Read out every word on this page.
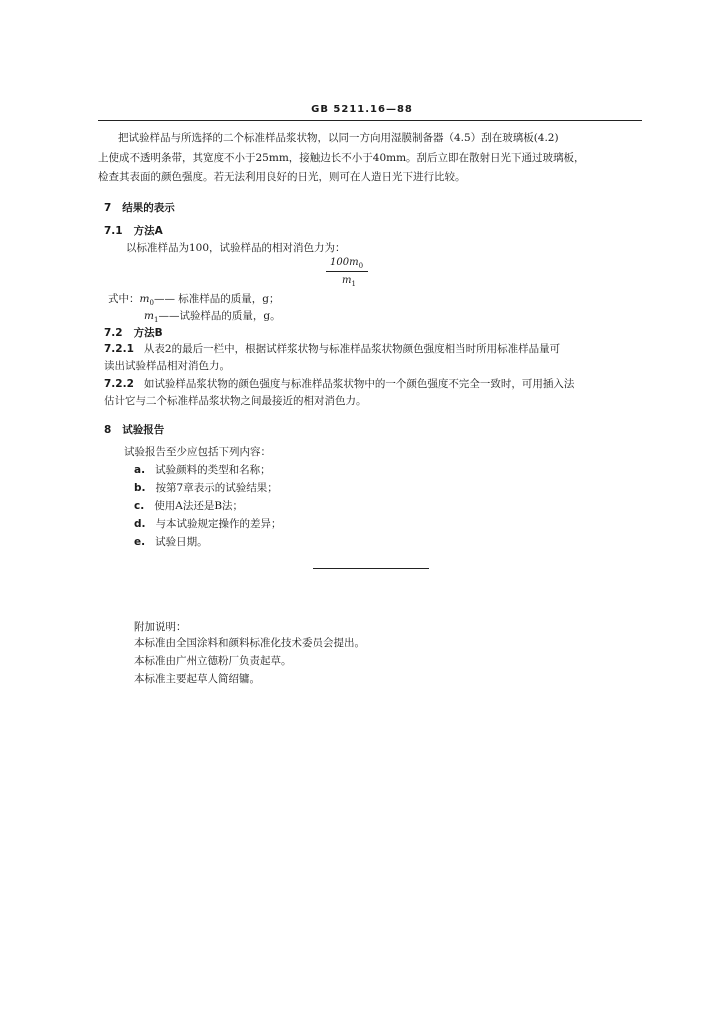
GB 5211.16—88
把试验样品与所选择的二个标准样品浆状物，以同一方向用湿膜制备器（4.5）刮在玻璃板(4.2)
上使成不透明条带，其宽度不小于25mm，接触边长不小于40mm。刮后立即在散射日光下通过玻璃板，
检查其表面的颜色强度。若无法利用良好的日光，则可在人造日光下进行比较。
7 结果的表示
7.1 方法A
以标准样品为100，试验样品的相对消色力为：
$100m_0$
$m_1$
式中：$m_0——$ 标准样品的质量，g；
$m_1——$试验样品的质量，g。
7.2 方法B
7.2.1 从表2的最后一栏中，根据试样浆状物与标准样品浆状物颜色强度相当时所用标准样品量可
读出试验样品相对消色力。
7.2.2 如试验样品浆状物的颜色强度与标准样品浆状物中的一个颜色强度不完全一致时，可用插入法
估计它与二个标准样品浆状物之间最接近的相对消色力。
8 试验报告
试验报告至少应包括下列内容：
a. 试验颜料的类型和名称；
b. 按第7章表示的试验结果；
c. 使用A法还是B法；
d. 与本试验规定操作的差异；
e. 试验日期。
附加说明：
本标准由全国涂料和颜料标准化技术委员会提出。
本标准由广州立德粉厂负责起草。
本标准主要起草人简绍镛。
